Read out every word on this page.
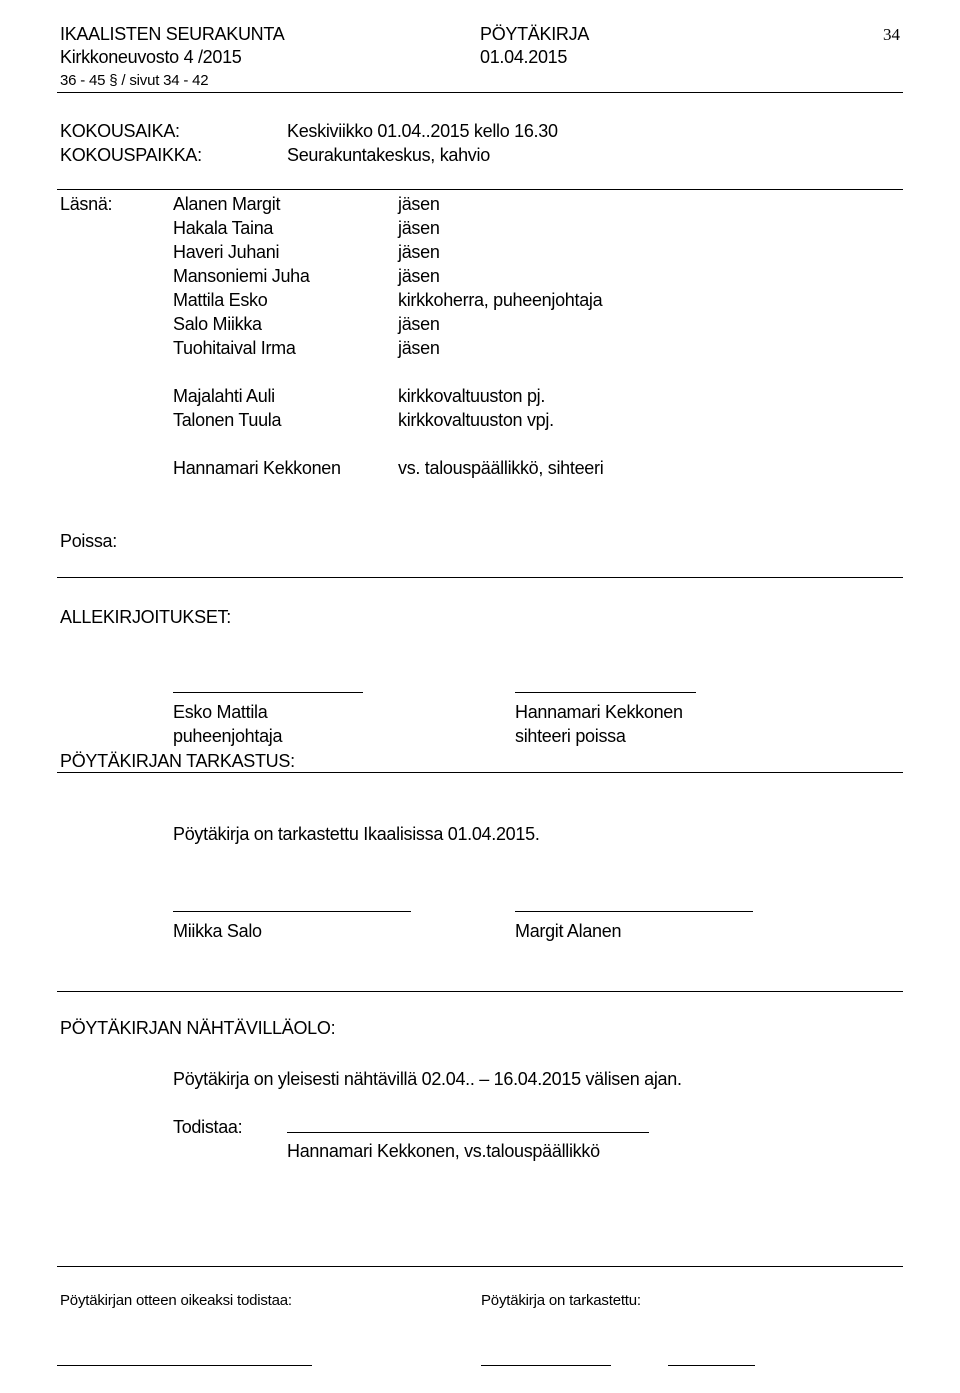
IKAALISTEN SEURAKUNTA	PÖYTÄKIRJA	34
Kirkkoneuvosto 4 /2015	01.04.2015
36 - 45 § / sivut 34 - 42
KOKOUSAIKA:	Keskiviikko 01.04..2015 kello 16.30
KOKOUSPAIKKA:	Seurakuntakeskus, kahvio
Läsnä:	Alanen Margit	jäsen
Hakala Taina	jäsen
Haveri Juhani	jäsen
Mansoniemi Juha	jäsen
Mattila Esko	kirkkoherra, puheenjohtaja
Salo Miikka	jäsen
Tuohitaival Irma	jäsen
Majalahti Auli	kirkkovaltuuston pj.
Talonen Tuula	kirkkovaltuuston vpj.
Hannamari Kekkonen	vs. talouspäällikkö, sihteeri
Poissa:
ALLEKIRJOITUKSET:
Esko Mattila
puheenjohtaja
Hannamari Kekkonen
sihteeri poissa
PÖYTÄKIRJAN TARKASTUS:
Pöytäkirja on tarkastettu Ikaalisissa 01.04.2015.
Miikka Salo	Margit Alanen
PÖYTÄKIRJAN NÄHTÄVILLÄOLO:
Pöytäkirja on yleisesti nähtävillä 02.04.. – 16.04.2015 välisen ajan.
Todistaa:
Hannamari Kekkonen, vs.talouspäällikkö
Pöytäkirjan otteen oikeaksi todistaa:	Pöytäkirja on tarkastettu:
